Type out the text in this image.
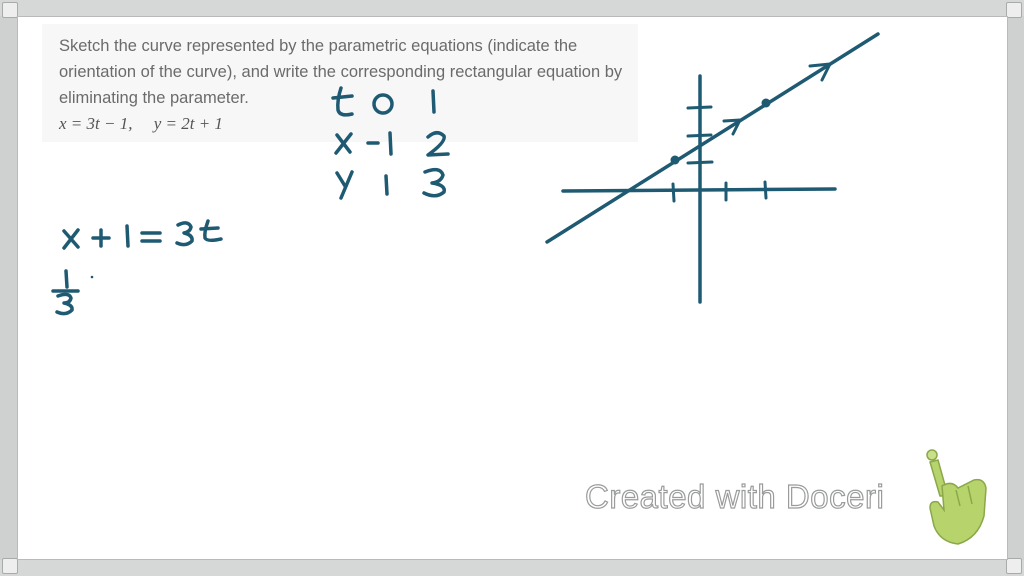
Sketch the curve represented by the parametric equations (indicate the orientation of the curve), and write the corresponding rectangular equation by eliminating the parameter.

x = 3t − 1,     y = 2t + 1
Created with Doceri
